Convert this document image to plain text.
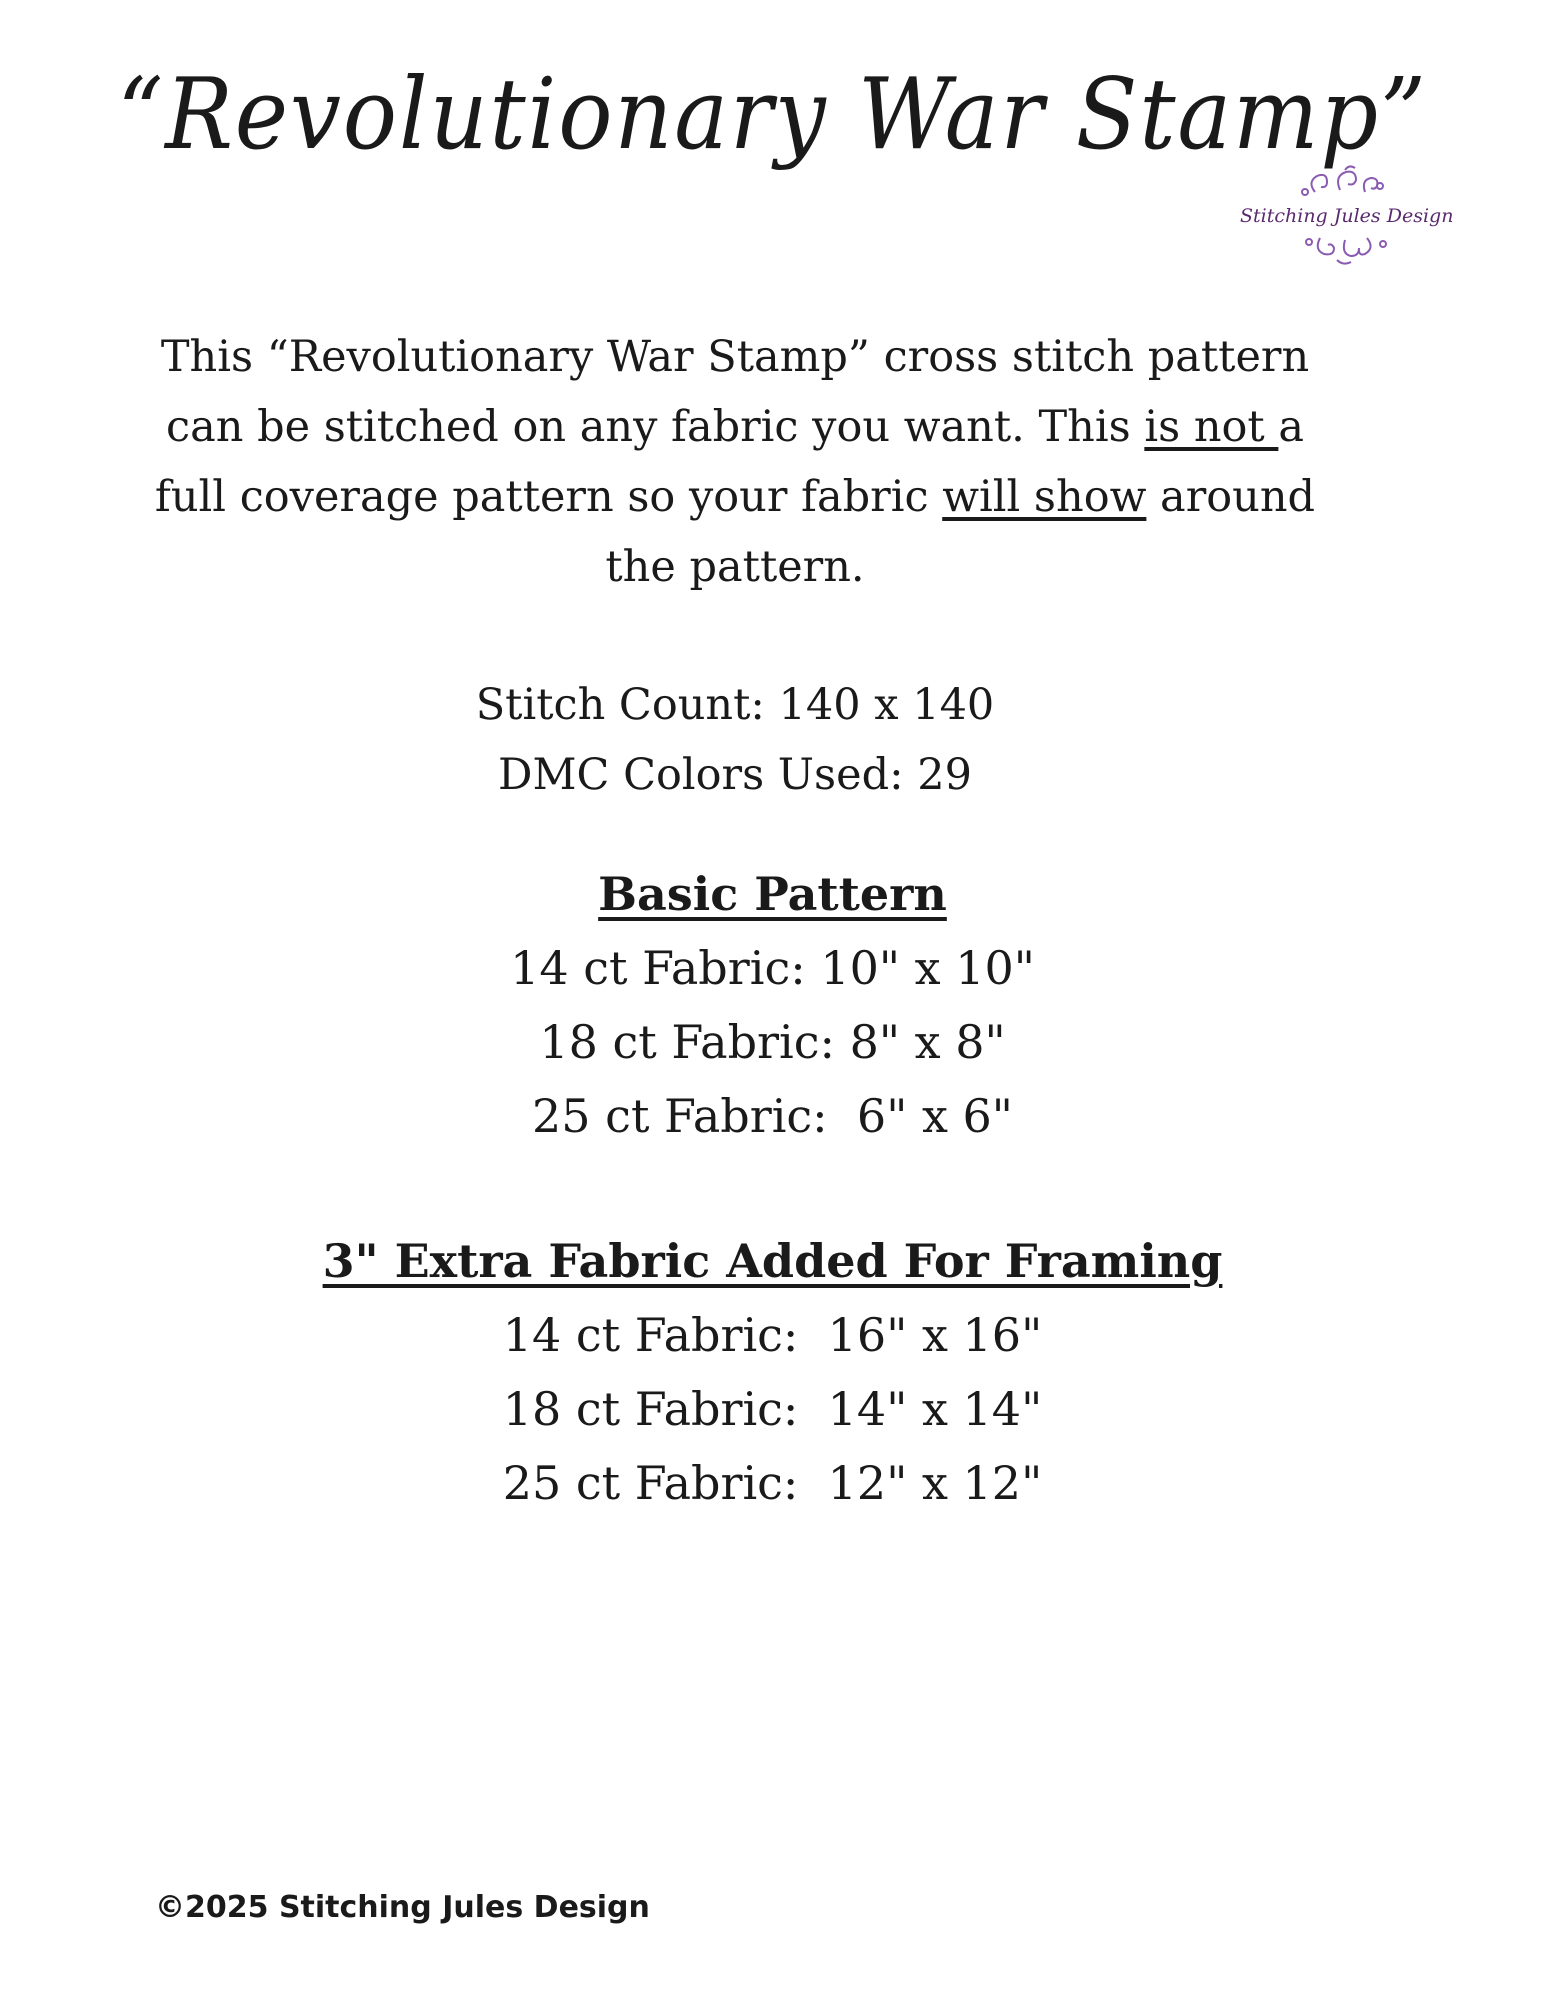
“Revolutionary War Stamp”
Stitching Jules Design

This “Revolutionary War Stamp” cross stitch pattern can be stitched on any fabric you want. This is not a full coverage pattern so your fabric will show around the pattern.

Stitch Count: 140 x 140
DMC Colors Used: 29
Basic Pattern
14 ct Fabric: 10" x 10"
18 ct Fabric: 8" x 8"
25 ct Fabric:  6" x 6"
3" Extra Fabric Added For Framing
14 ct Fabric:  16" x 16"
18 ct Fabric:  14" x 14"
25 ct Fabric:  12" x 12"
©2025 Stitching Jules Design
